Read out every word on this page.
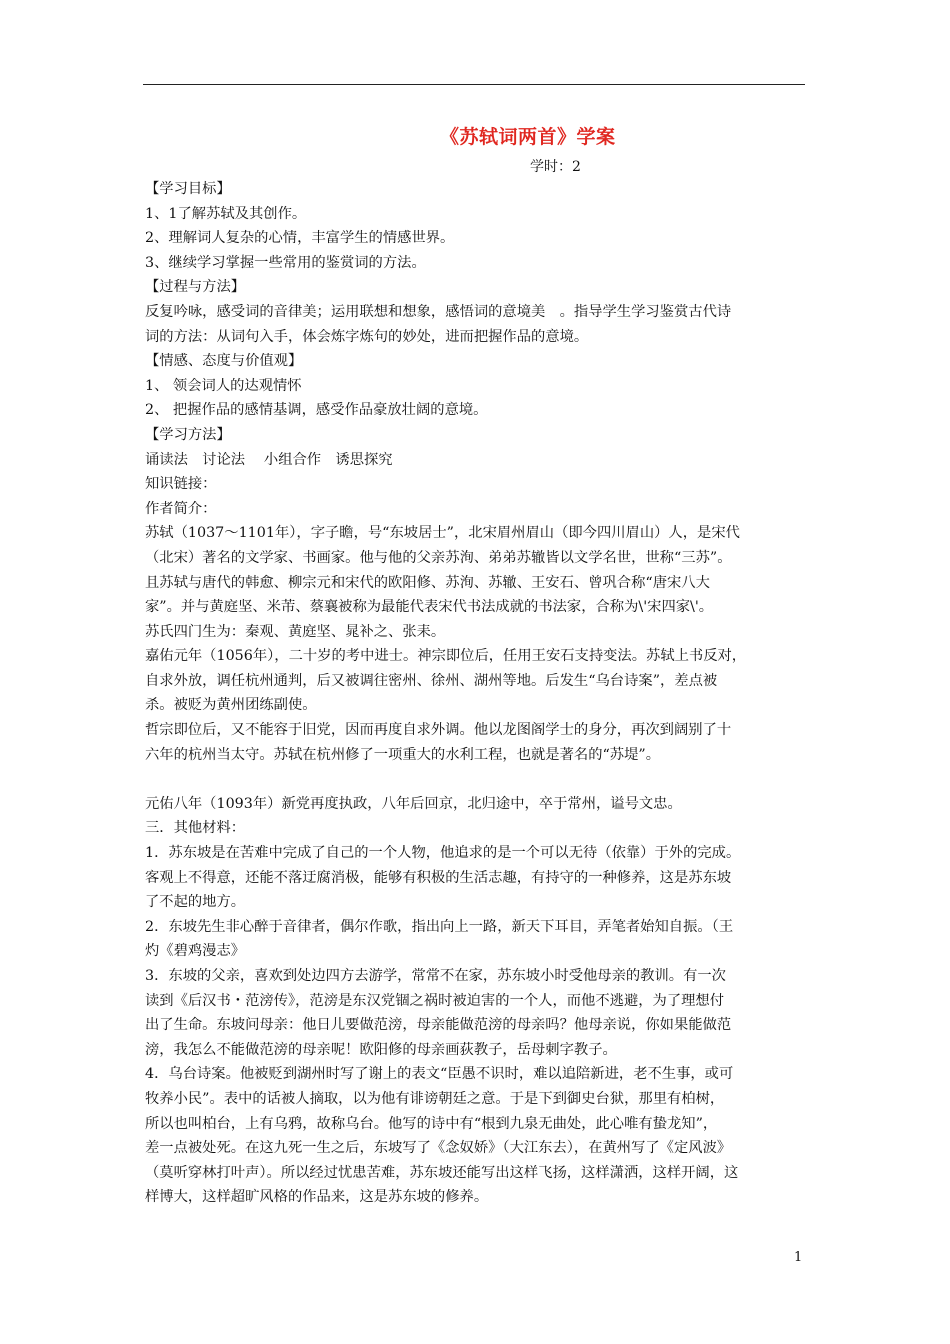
《苏轼词两首》学案
学时：2
【学习目标】
1、1了解苏轼及其创作。
2、理解词人复杂的心情，丰富学生的情感世界。
3、继续学习掌握一些常用的鉴赏词的方法。
【过程与方法】
反复吟咏，感受词的音律美；运用联想和想象，感悟词的意境美　。指导学生学习鉴赏古代诗
词的方法：从词句入手，体会炼字炼句的妙处，进而把握作品的意境。
【情感、态度与价值观】
1、 领会词人的达观情怀
2、 把握作品的感情基调，感受作品豪放壮阔的意境。
【学习方法】
诵读法　讨论法　 小组合作　诱思探究
知识链接：
作者简介：
苏轼（1037～1101年），字子瞻，号“东坡居士”，北宋眉州眉山（即今四川眉山）人，是宋代
（北宋）著名的文学家、书画家。他与他的父亲苏洵、弟弟苏辙皆以文学名世，世称“三苏”。
且苏轼与唐代的韩愈、柳宗元和宋代的欧阳修、苏洵、苏辙、王安石、曾巩合称“唐宋八大
家”。并与黄庭坚、米芾、蔡襄被称为最能代表宋代书法成就的书法家，合称为\'宋四家\'。
苏氏四门生为：秦观、黄庭坚、晁补之、张耒。
嘉佑元年（1056年），二十岁的考中进士。神宗即位后，任用王安石支持变法。苏轼上书反对，
自求外放，调任杭州通判，后又被调往密州、徐州、湖州等地。后发生“乌台诗案”，差点被
杀。被贬为黄州团练副使。
哲宗即位后，又不能容于旧党，因而再度自求外调。他以龙图阁学士的身分，再次到阔别了十
六年的杭州当太守。苏轼在杭州修了一项重大的水利工程，也就是著名的“苏堤”。
元佑八年（1093年）新党再度执政，八年后回京，北归途中，卒于常州，谥号文忠。
三．其他材料：
1．苏东坡是在苦难中完成了自己的一个人物，他追求的是一个可以无待（依靠）于外的完成。
客观上不得意，还能不落迂腐消极，能够有积极的生活志趣，有持守的一种修养，这是苏东坡
了不起的地方。
2．东坡先生非心醉于音律者，偶尔作歌，指出向上一路，新天下耳目，弄笔者始知自振。（王
灼《碧鸡漫志》
3．东坡的父亲，喜欢到处边四方去游学，常常不在家，苏东坡小时受他母亲的教训。有一次
读到《后汉书・范滂传》，范滂是东汉党锢之祸时被迫害的一个人，而他不逃避，为了理想付
出了生命。东坡问母亲：他日儿要做范滂，母亲能做范滂的母亲吗？他母亲说，你如果能做范
滂，我怎么不能做范滂的母亲呢！欧阳修的母亲画荻教子，岳母刺字教子。
4．乌台诗案。他被贬到湖州时写了谢上的表文“臣愚不识时，难以追陪新进，老不生事，或可
牧养小民”。表中的话被人摘取，以为他有诽谤朝廷之意。于是下到御史台狱，那里有柏树，
所以也叫柏台，上有乌鸦，故称乌台。他写的诗中有“根到九泉无曲处，此心唯有蛰龙知”，
差一点被处死。在这九死一生之后，东坡写了《念奴娇》（大江东去），在黄州写了《定风波》
（莫听穿林打叶声）。所以经过忧患苦难，苏东坡还能写出这样飞扬，这样潇洒，这样开阔，这
样博大，这样超旷风格的作品来，这是苏东坡的修养。
1
